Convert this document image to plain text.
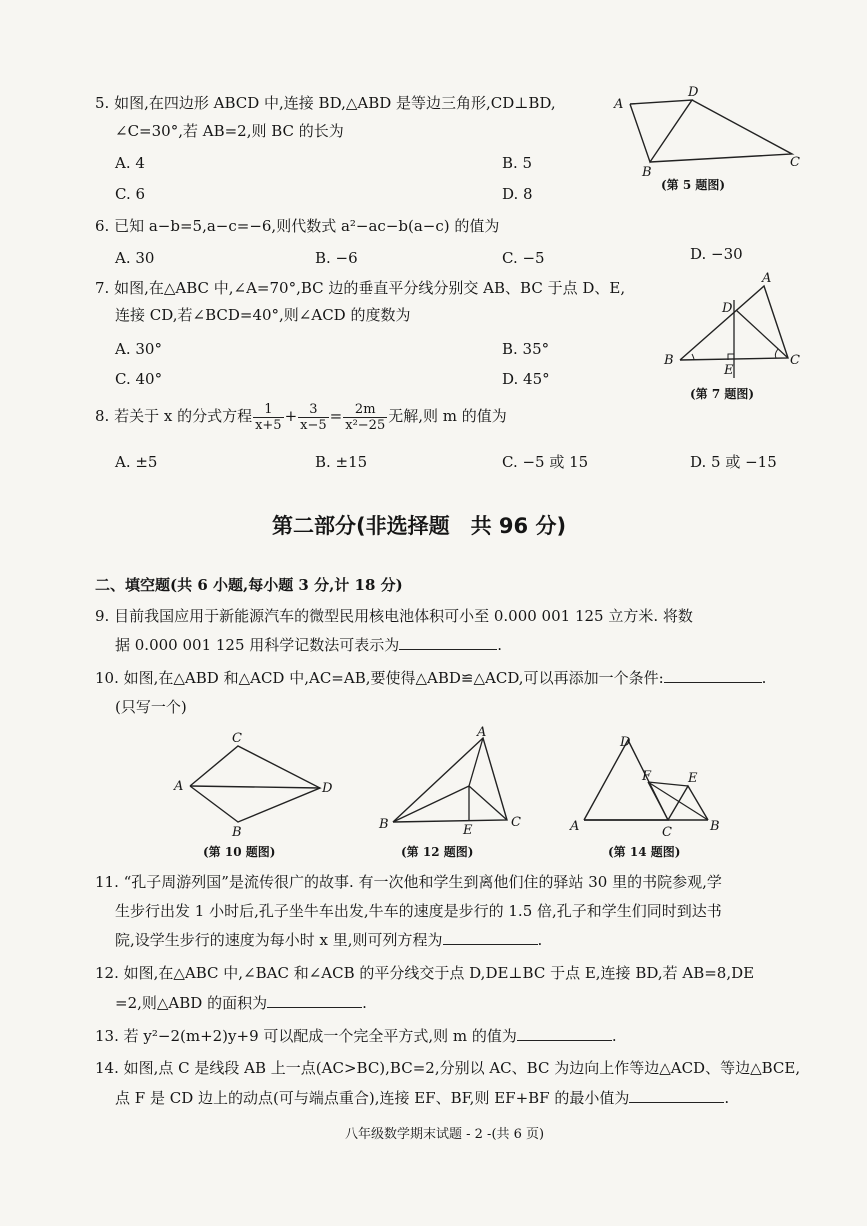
5. 如图,在四边形 ABCD 中,连接 BD,△ABD 是等边三角形,CD⊥BD,
∠C=30°,若 AB=2,则 BC 的长为
A. 4	B. 5
C. 6	D. 8
A
D
B
C
(第 5 题图)
6. 已知 a−b=5,a−c=−6,则代数式 a²−ac−b(a−c) 的值为
A. 30	B. −6	C. −5	D. −30
7. 如图,在△ABC 中,∠A=70°,BC 边的垂直平分线分别交 AB、BC 于点 D、E,
连接 CD,若∠BCD=40°,则∠ACD 的度数为
A. 30°	B. 35°
C. 40°	D. 45°
A
D
B
E
C
(第 7 题图)
8. 若关于 x 的分式方程 $\frac{1}{x+5} + \frac{3}{x-5} = \frac{2m}{\text{x²−25}}$ 无解,则 m 的值为
A. ±5	B. ±15	C. −5 或 15	D. 5 或 −15
第二部分(非选择题　共 96 分)
二、填空题(共 6 小题,每小题 3 分,计 18 分)
9. 目前我国应用于新能源汽车的微型民用核电池体积可小至 0.000 001 125 立方米. 将数
据 0.000 001 125 用科学记数法可表示为	.
10. 如图,在△ABD 和△ACD 中,AC=AB,要使得△ABD≌△ACD,可以再添加一个条件:	.
(只写一个)
C
A	D
B
(第 10 题图)
A
B	E
C
(第 12 题图)
D
F	E
A	C	B
(第 14 题图)
11. “孔子周游列国”是流传很广的故事. 有一次他和学生到离他们住的驿站 30 里的书院参观,学
生步行出发 1 小时后,孔子坐牛车出发,牛车的速度是步行的 1.5 倍,孔子和学生们同时到达书
院,设学生步行的速度为每小时 x 里,则可列方程为	.
12. 如图,在△ABC 中,∠BAC 和∠ACB 的平分线交于点 D,DE⊥BC 于点 E,连接 BD,若 AB=8,DE
=2,则△ABD 的面积为	.
13. 若 y²−2(m+2)y+9 可以配成一个完全平方式,则 m 的值为	.
14. 如图,点 C 是线段 AB 上一点(AC>BC),BC=2,分别以 AC、BC 为边向上作等边△ACD、等边△BCE,
点 F 是 CD 边上的动点(可与端点重合),连接 EF、BF,则 EF+BF 的最小值为	.
八年级数学期末试题 - 2 -(共 6 页)
